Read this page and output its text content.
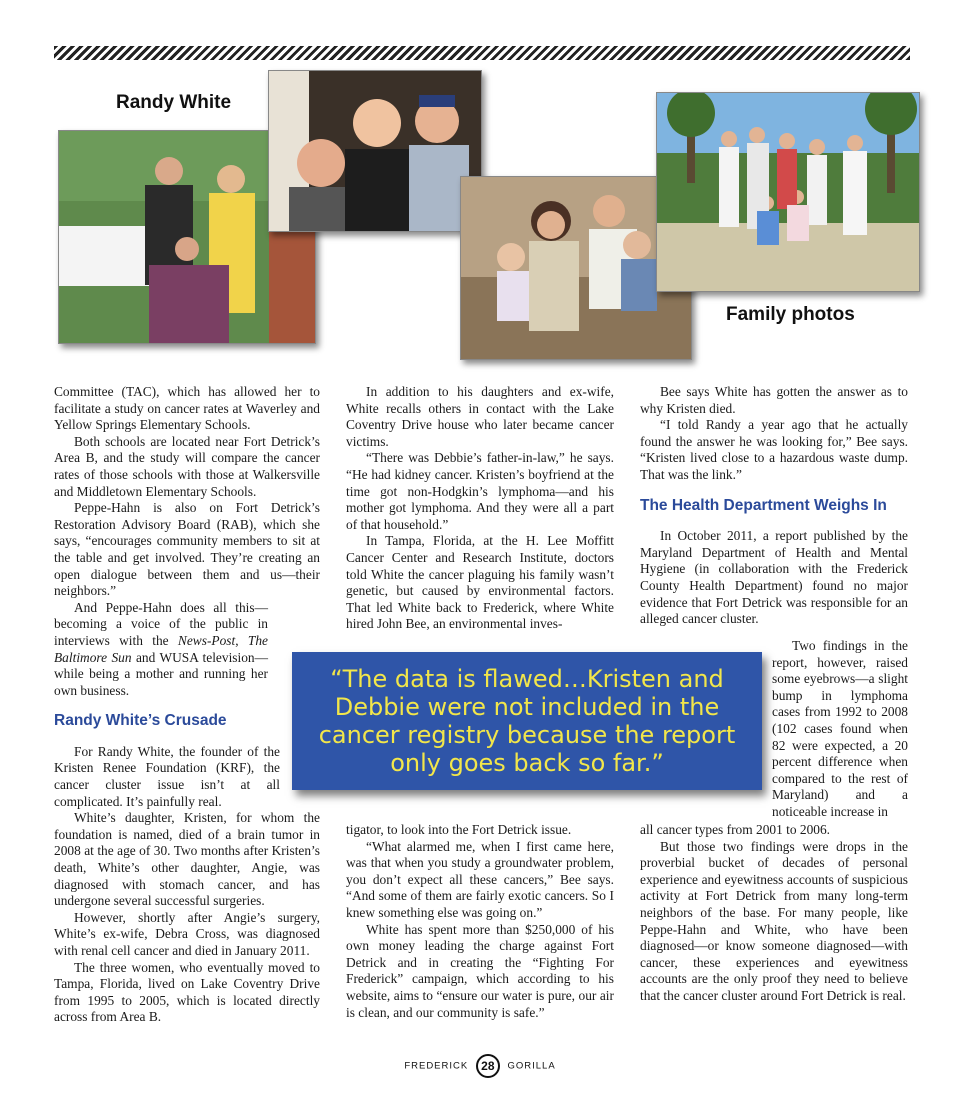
Randy White
Family photos

Committee (TAC), which has allowed her to facilitate a study on cancer rates at Waverley and Yellow Springs Elementary Schools.

Both schools are located near Fort Detrick’s Area B, and the study will compare the cancer rates of those schools with those at Walkersville and Middletown Elementary Schools.

Peppe-Hahn is also on Fort Detrick’s Restoration Advisory Board (RAB), which she says, “encourages community members to sit at the table and get involved. They’re creating an open dialogue between them and us—their neighbors.”

And Peppe-Hahn does all this—becoming a voice of the public in interviews with the News-Post, The Baltimore Sun and WUSA television—while being a mother and running her own business.

Randy White’s Crusade

For Randy White, the founder of the Kristen Renee Foundation (KRF), the cancer cluster issue isn’t at all complicated. It’s painfully real.

White’s daughter, Kristen, for whom the foundation is named, died of a brain tumor in 2008 at the age of 30. Two months after Kristen’s death, White’s other daughter, Angie, was diagnosed with stomach cancer, and has undergone several successful surgeries.

However, shortly after Angie’s surgery, White’s ex-wife, Debra Cross, was diagnosed with renal cell cancer and died in January 2011.

The three women, who eventually moved to Tampa, Florida, lived on Lake Coventry Drive from 1995 to 2005, which is located directly across from Area B.

In addition to his daughters and ex-wife, White recalls others in contact with the Lake Coventry Drive house who later became cancer victims.

“There was Debbie’s father-in-law,” he says. “He had kidney cancer. Kristen’s boyfriend at the time got non-Hodgkin’s lymphoma—and his mother got lymphoma. And they were all a part of that household.”

In Tampa, Florida, at the H. Lee Moffitt Cancer Center and Research Institute, doctors told White the cancer plaguing his family wasn’t genetic, but caused by environmental factors. That led White back to Frederick, where White hired John Bee, an environmental inves-

tigator, to look into the Fort Detrick issue.

“What alarmed me, when I first came here, was that when you study a groundwater problem, you don’t expect all these cancers,” Bee says. “And some of them are fairly exotic cancers. So I knew something else was going on.”

White has spent more than $250,000 of his own money leading the charge against Fort Detrick and in creating the “Fighting For Frederick” campaign, which according to his website, aims to “ensure our water is pure, our air is clean, and our community is safe.”

Bee says White has gotten the answer as to why Kristen died.

“I told Randy a year ago that he actually found the answer he was looking for,” Bee says. “Kristen lived close to a hazardous waste dump. That was the link.”

The Health Department Weighs In

In October 2011, a report published by the Maryland Department of Health and Mental Hygiene (in collaboration with the Frederick County Health Department) found no major evidence that Fort Detrick was responsible for an alleged cancer cluster.

Two findings in the report, however, raised some eyebrows—a slight bump in lymphoma cases from 1992 to 2008 (102 cases found when 82 were expected, a 20 percent difference when compared to the rest of Maryland) and a noticeable increase in

all cancer types from 2001 to 2006.

But those two findings were drops in the proverbial bucket of decades of personal experience and eyewitness accounts of suspicious activity at Fort Detrick from many long-term neighbors of the base. For many people, like Peppe-Hahn and White, who have been diagnosed—or know someone diagnosed—with cancer, these experiences and eyewitness accounts are the only proof they need to believe that the cancer cluster around Fort Detrick is real.

“The data is flawed…Kristen and Debbie were not included in the cancer registry because the report only goes back so far.”
FREDERICK 28 GORILLA
